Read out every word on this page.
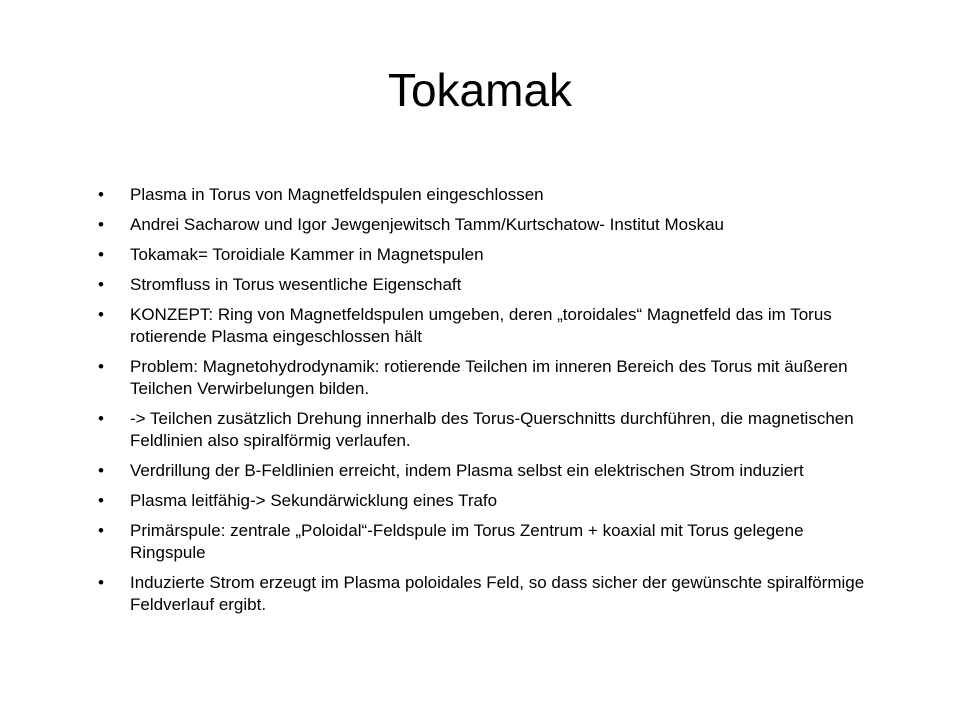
Tokamak
•	Plasma in Torus von Magnetfeldspulen eingeschlossen
•	Andrei Sacharow und Igor Jewgenjewitsch Tamm/Kurtschatow- Institut Moskau
•	Tokamak= Toroidiale Kammer in Magnetspulen
•	Stromfluss in Torus wesentliche Eigenschaft
•	KONZEPT: Ring von Magnetfeldspulen umgeben, deren „toroidales“ Magnetfeld das im Torus rotierende Plasma eingeschlossen hält
•	Problem: Magnetohydrodynamik: rotierende Teilchen im inneren Bereich des Torus mit äußeren Teilchen Verwirbelungen bilden.
•	-> Teilchen zusätzlich Drehung innerhalb des Torus-Querschnitts durchführen, die magnetischen Feldlinien also spiralförmig verlaufen.
•	Verdrillung der B-Feldlinien erreicht, indem Plasma selbst ein elektrischen Strom induziert
•	Plasma leitfähig-> Sekundärwicklung eines Trafo
•	Primärspule: zentrale „Poloidal“-Feldspule im Torus Zentrum + koaxial mit Torus gelegene Ringspule
•	Induzierte Strom erzeugt im Plasma poloidales Feld, so dass sicher der gewünschte spiralförmige Feldverlauf ergibt.
